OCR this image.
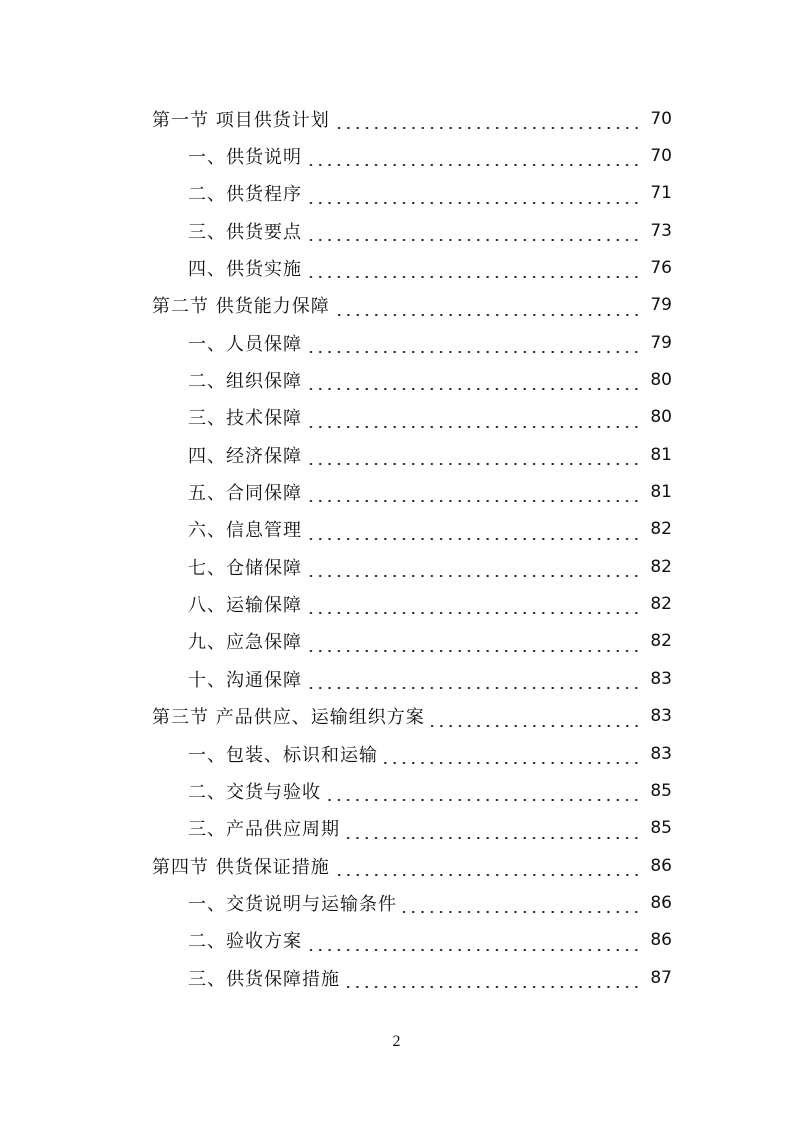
第一节 项目供货计划	70
一、供货说明	70
二、供货程序	71
三、供货要点	73
四、供货实施	76
第二节 供货能力保障	79
一、人员保障	79
二、组织保障	80
三、技术保障	80
四、经济保障	81
五、合同保障	81
六、信息管理	82
七、仓储保障	82
八、运输保障	82
九、应急保障	82
十、沟通保障	83
第三节 产品供应、运输组织方案	83
一、包装、标识和运输	83
二、交货与验收	85
三、产品供应周期	85
第四节 供货保证措施	86
一、交货说明与运输条件	86
二、验收方案	86
三、供货保障措施	87
2
